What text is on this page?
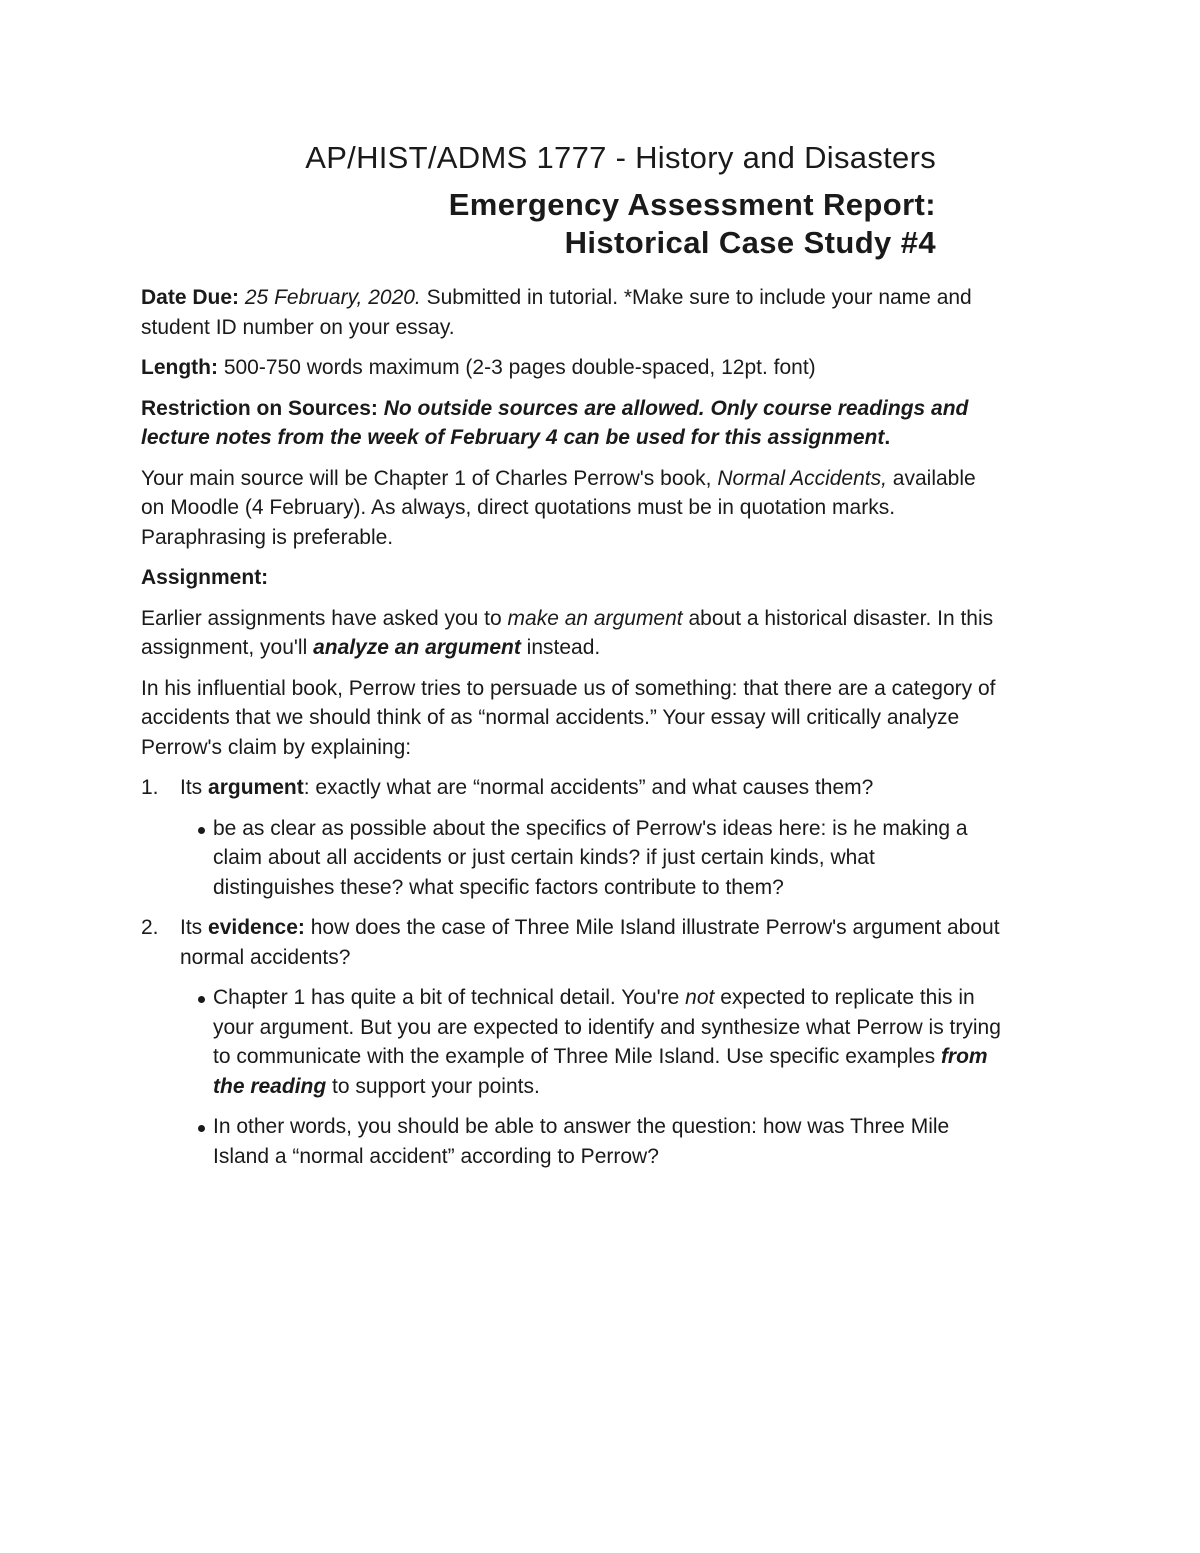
AP/HIST/ADMS 1777 - History and Disasters
Emergency Assessment Report:
Historical Case Study #4

Date Due: 25 February, 2020. Submitted in tutorial. *Make sure to include your name and student ID number on your essay.

Length: 500-750 words maximum (2-3 pages double-spaced, 12pt. font)

Restriction on Sources: No outside sources are allowed. Only course readings and lecture notes from the week of February 4 can be used for this assignment.

Your main source will be Chapter 1 of Charles Perrow's book, Normal Accidents, available on Moodle (4 February). As always, direct quotations must be in quotation marks. Paraphrasing is preferable.

Assignment:

Earlier assignments have asked you to make an argument about a historical disaster. In this assignment, you'll analyze an argument instead.

In his influential book, Perrow tries to persuade us of something: that there are a category of accidents that we should think of as “normal accidents.” Your essay will critically analyze Perrow's claim by explaining:

1. Its argument: exactly what are “normal accidents” and what causes them?
be as clear as possible about the specifics of Perrow's ideas here: is he making a claim about all accidents or just certain kinds? if just certain kinds, what distinguishes these? what specific factors contribute to them?
2. Its evidence: how does the case of Three Mile Island illustrate Perrow's argument about normal accidents?
Chapter 1 has quite a bit of technical detail. You're not expected to replicate this in your argument. But you are expected to identify and synthesize what Perrow is trying to communicate with the example of Three Mile Island. Use specific examples from the reading to support your points.
In other words, you should be able to answer the question: how was Three Mile Island a “normal accident” according to Perrow?
